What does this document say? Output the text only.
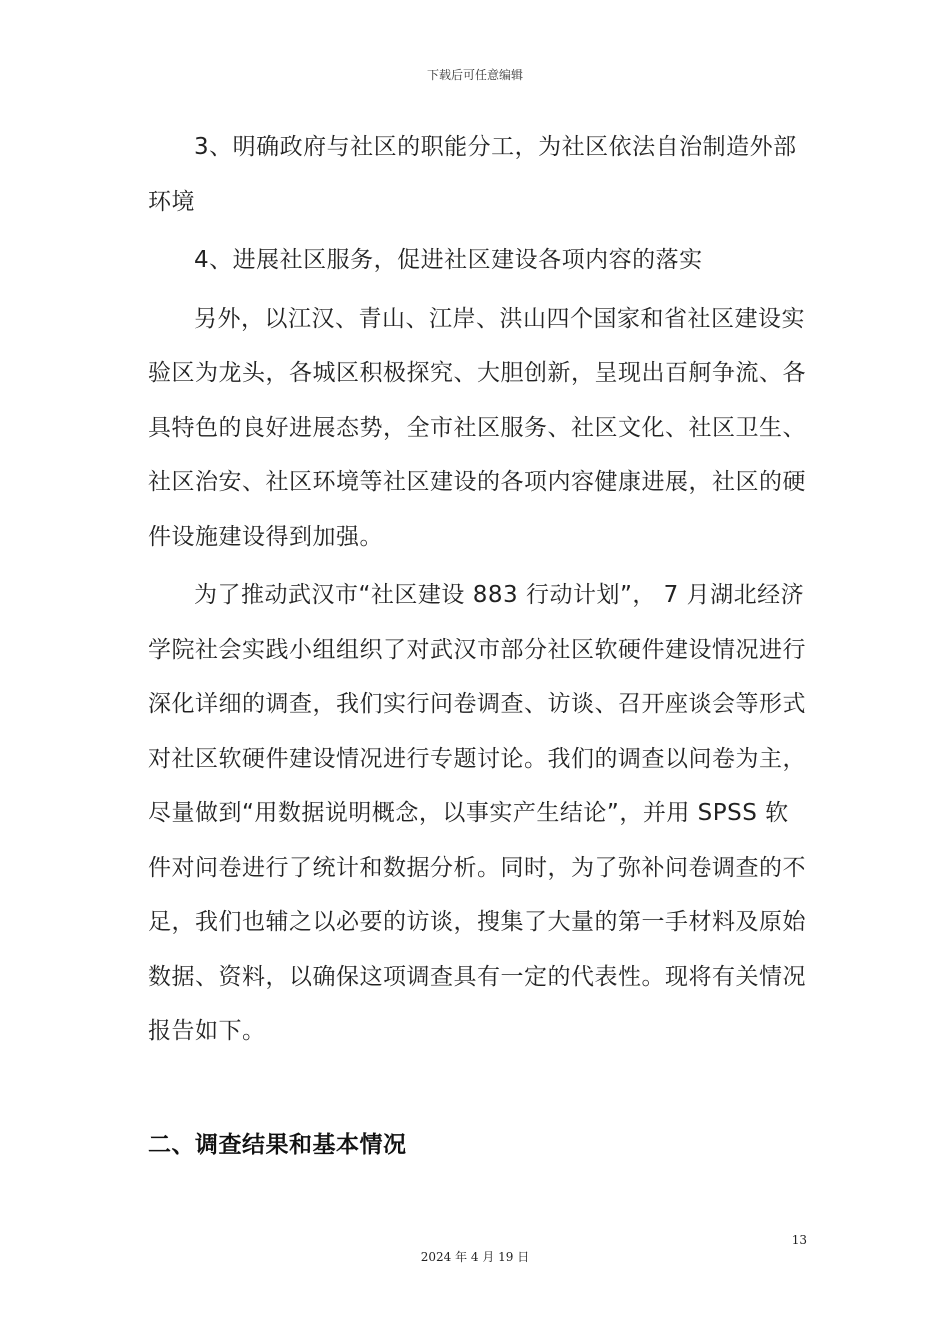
下载后可任意编辑

3、明确政府与社区的职能分工，为社区依法自治制造外部环境

4、进展社区服务，促进社区建设各项内容的落实

另外，以江汉、青山、江岸、洪山四个国家和省社区建设实验区为龙头，各城区积极探究、大胆创新，呈现出百舸争流、各具特色的良好进展态势，全市社区服务、社区文化、社区卫生、社区治安、社区环境等社区建设的各项内容健康进展，社区的硬件设施建设得到加强。

为了推动武汉市“社区建设 883 行动计划”， 7 月湖北经济学院社会实践小组组织了对武汉市部分社区软硬件建设情况进行深化详细的调查，我们实行问卷调查、访谈、召开座谈会等形式对社区软硬件建设情况进行专题讨论。我们的调查以问卷为主，尽量做到“用数据说明概念，以事实产生结论”，并用 SPSS 软件对问卷进行了统计和数据分析。同时，为了弥补问卷调查的不足，我们也辅之以必要的访谈，搜集了大量的第一手材料及原始数据、资料，以确保这项调查具有一定的代表性。现将有关情况报告如下。

二、调查结果和基本情况
13
2024 年 4 月 19 日
